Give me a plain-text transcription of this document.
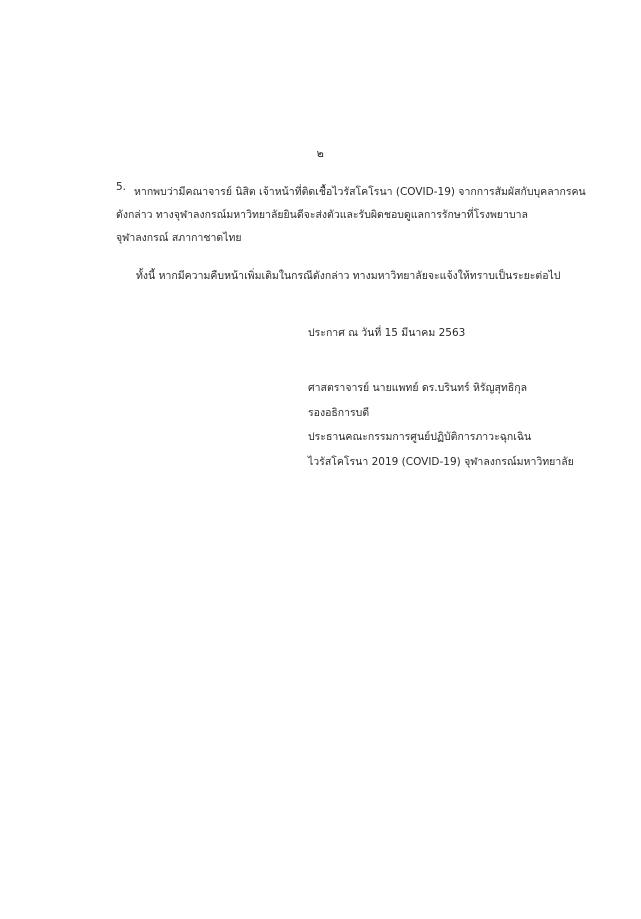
๒
5. หากพบว่ามีคณาจารย์ นิสิต เจ้าหน้าที่ติดเชื้อไวรัสโคโรนา (COVID-19) จากการสัมผัสกับบุคลากรคน
ดังกล่าว ทางจุฬาลงกรณ์มหาวิทยาลัยยินดีจะส่งตัวและรับผิดชอบดูแลการรักษาที่โรงพยาบาล
จุฬาลงกรณ์ สภากาชาดไทย
ทั้งนี้ หากมีความคืบหน้าเพิ่มเติมในกรณีดังกล่าว ทางมหาวิทยาลัยจะแจ้งให้ทราบเป็นระยะต่อไป
ประกาศ ณ วันที่ 15 มีนาคม 2563
ศาสตราจารย์ นายแพทย์ ดร.บรินทร์ หิรัญสุทธิกุล
รองอธิการบดี
ประธานคณะกรรมการศูนย์ปฏิบัติการภาวะฉุกเฉิน
ไวรัสโคโรนา 2019 (COVID-19) จุฬาลงกรณ์มหาวิทยาลัย
